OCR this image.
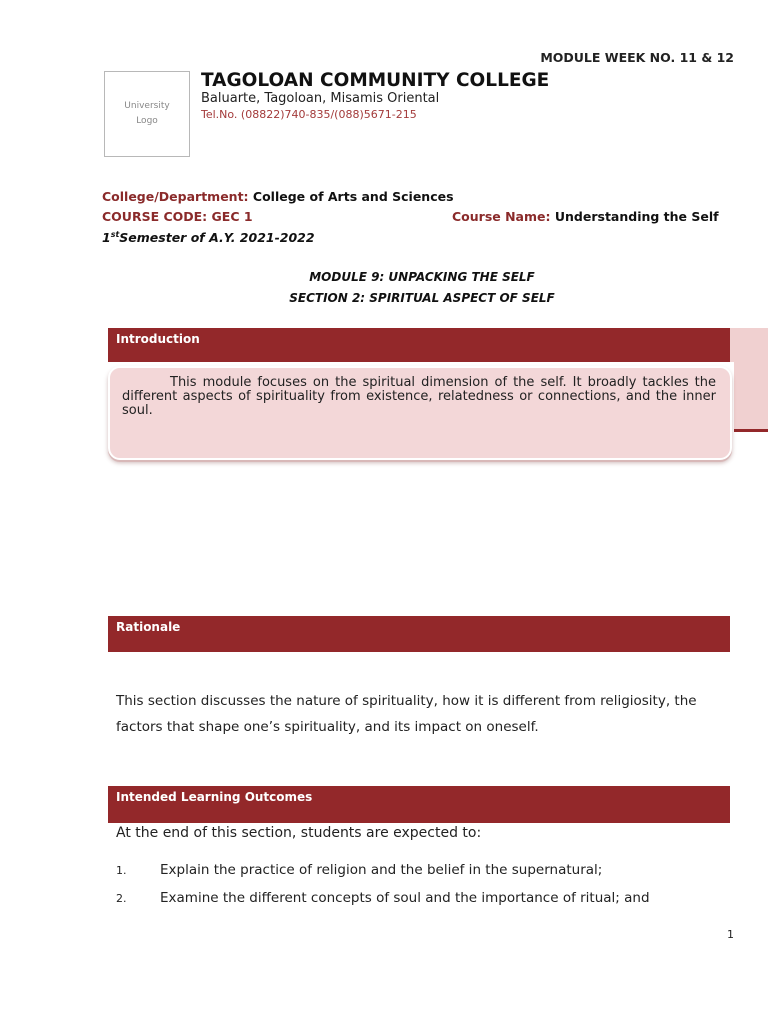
MODULE WEEK NO. 11 & 12
University Logo
TAGOLOAN COMMUNITY COLLEGE
Baluarte, Tagoloan, Misamis Oriental
Tel.No. (08822)740-835/(088)5671-215
College/Department: College of Arts and Sciences
COURSE CODE: GEC 1	Course Name: Understanding the Self
1stSemester of A.Y. 2021-2022
MODULE 9: UNPACKING THE SELF
SECTION 2: SPIRITUAL ASPECT OF SELF
Introduction

This module focuses on the spiritual dimension of the self. It broadly tackles the different aspects of spirituality from existence, relatedness or connections, and the inner soul.

Rationale

This section discusses the nature of spirituality, how it is different from religiosity, the factors that shape one’s spirituality, and its impact on oneself.

Intended Learning Outcomes
At the end of this section, students are expected to:
1. Explain the practice of religion and the belief in the supernatural;
2. Examine the different concepts of soul and the importance of ritual; and
1
